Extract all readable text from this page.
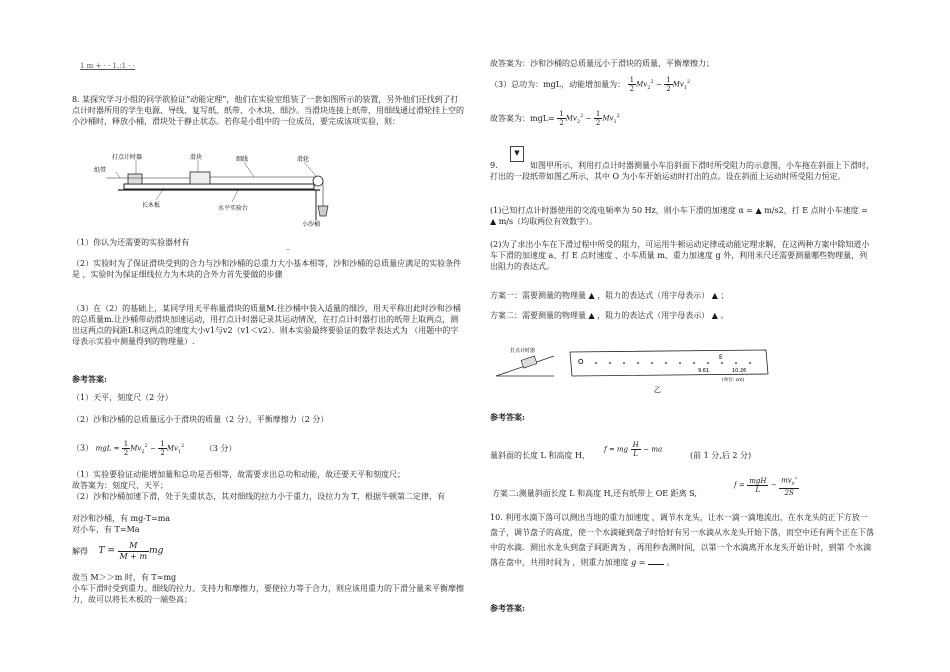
1 m + · · 1.:1 · ·
8. 某探究学习小组的同学欲验证“动能定理”，他们在实验室组装了一套如图所示的装置，另外他们还找到了打点计时器所用的学生电源、导线、复写纸、纸带、小木块、细沙。当滑块连接上纸带，用细线通过滑轮挂上空的小沙桶时，释放小桶，滑块处于静止状态。若你是小组中的一位成员，要完成该项实验，则：
打点计时器	滑块	细线	滑轮
纸带
长木板	水平实验台
小沙桶
（1）你认为还需要的实验器材有	_
（2）实验时为了保证滑块受到的合力与沙和沙桶的总重力大小基本相等，沙和沙桶的总质量应满足的实验条件是 ，实验时为保证细线拉力为木块的合外力首先要做的步骤
（3）在（2）的基础上，某同学用天平称量滑块的质量M.往沙桶中装入适量的细沙，用天平称出此时沙和沙桶的总质量m.让沙桶带动滑块加速运动，用打点计时器记录其运动情况，在打点计时器打出的纸带上取两点，测出这两点的间距L和这两点的速度大小v1与v2（v1＜v2）．则本实验最终要验证的数学表达式为 （用题中的字母表示实验中测量得到的物理量）.
参考答案:
（1）天平，刻度尺（2 分）
（2）沙和沙桶的总质量远小于滑块的质量（2 分），平衡摩擦力（2 分）
（3） mgL = $\frac{1}{2} Mv_2^2 - \frac{1}{2} Mv_1^2$	（3 分）
（1）实验要验证动能增加量和总功是否相等，故需要求出总功和动能，故还要天平和刻度尺；
故答案为：刻度尺、天平；
（2）沙和沙桶加速下滑，处于失重状态，其对细线的拉力小于重力，设拉力为 T，根据牛顿第二定律，有
对沙和沙桶，有 mg-T=ma
对小车，有 T=Ma
解得 $T = \frac{M}{M + m}$ mg
故当 M＞＞m 时，有 T≈mg
小车下滑时受到重力、细线的拉力、支持力和摩擦力，要使拉力等于合力，则应该用重力的下滑分量来平衡摩擦力，故可以将长木板的一端垫高；
故答案为：沙和沙桶的总质量远小于滑块的质量，平衡摩擦力；
（3）总功为：mgL，动能增加量为： $\frac{1}{2} Mv_2^2 - \frac{1}{2} Mv_1^2$
故答案为：$mgL= \frac{1}{2} Mv_2^2 - \frac{1}{2} Mv_1^2$
9.
▼
如图甲所示，利用打点计时器测量小车沿斜面下滑时所受阻力的示意图，小车拖在斜面上下滑时，打出的一段纸带如图乙所示，其中 O 为小车开始运动时打出的点。设在斜面上运动时所受阻力恒定。
(1)已知打点计时器使用的交流电频率为 50 Hz，则小车下滑的加速度 α = ▲ m/s2，打 E 点时小车速度 = ▲ m/s（均取两位有效数字）。
(2)为了求出小车在下滑过程中所受的阻力，可运用牛顿运动定律或动能定理求解，在这两种方案中除知道小车下滑的加速度 a、打 E 点时速度 、小车质量 m、重力加速度 g 外，利用米尺还需要测量哪些物理量，列出阻力的表达式。
方案一：需要测量的物理量 ▲ ，阻力的表达式（用字母表示） ▲ ；
方案二：需要测量的物理量 ▲ ，阻力的表达式（用字母表示） ▲ 。
打点计时器
O
E
9.61	10.26
(单位: cm)
乙
参考答案:
量斜面的长度 L 和高度 H，
f = mg $\frac{H}{L}$ − ma
(前 1 分,后 2 分)
方案二:测量斜面长度 L 和高度 H,还有纸带上 OE 距离 S,
$f = \frac{\text{mgH}}{L} - \frac{mv_E^2}{2S}$
10. 利用水滴下落可以测出当地的重力加速度 ，调节水龙头，让水一滴一滴地流出，在水龙头的正下方放一盘子，调节盘子的高度，使一个水滴碰到盘子时恰好有另一水滴从水龙头开始下落，而空中还有两个正在下落中的水滴．测出水龙头到盘子间距离为 ，再用秒表测时间，以第一个水滴离开水龙头开始计时，到第 个水滴落在盘中，共用时间为 ，则重力加速度 g =	。
参考答案:
